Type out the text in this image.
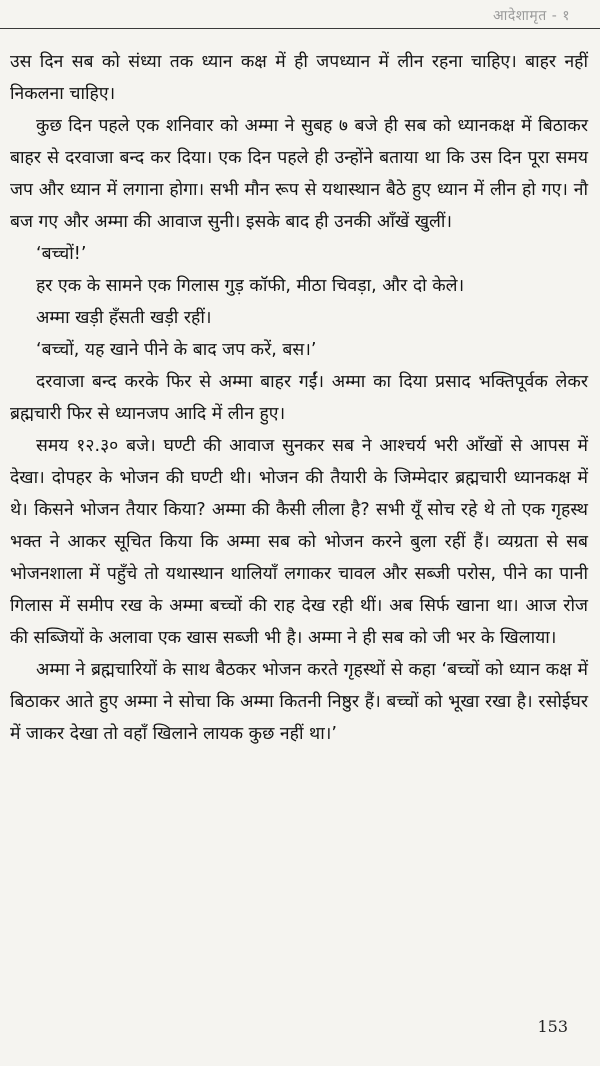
आदेशामृत - १

उस दिन सब को संध्या तक ध्यान कक्ष में ही जपध्यान में लीन रहना चाहिए। बाहर नहीं निकलना चाहिए।

कुछ दिन पहले एक शनिवार को अम्मा ने सुबह ७ बजे ही सब को ध्यानकक्ष में बिठाकर बाहर से दरवाजा बन्द कर दिया। एक दिन पहले ही उन्होंने बताया था कि उस दिन पूरा समय जप और ध्यान में लगाना होगा। सभी मौन रूप से यथास्थान बैठे हुए ध्यान में लीन हो गए। नौ बज गए और अम्मा की आवाज सुनी। इसके बाद ही उनकी आँखें खुलीं।

‘बच्चों!’

हर एक के सामने एक गिलास गुड़ कॉफी, मीठा चिवड़ा, और दो केले।

अम्मा खड़ी हँसती खड़ी रहीं।

‘बच्चों, यह खाने पीने के बाद जप करें, बस।’

दरवाजा बन्द करके फिर से अम्मा बाहर गईं। अम्मा का दिया प्रसाद भक्तिपूर्वक लेकर ब्रह्मचारी फिर से ध्यानजप आदि में लीन हुए।

समय १२.३० बजे। घण्टी की आवाज सुनकर सब ने आश्चर्य भरी आँखों से आपस में देखा। दोपहर के भोजन की घण्टी थी। भोजन की तैयारी के जिम्मेदार ब्रह्मचारी ध्यानकक्ष में थे। किसने भोजन तैयार किया? अम्मा की कैसी लीला है? सभी यूँ सोच रहे थे तो एक गृहस्थ भक्त ने आकर सूचित किया कि अम्मा सब को भोजन करने बुला रहीं हैं। व्यग्रता से सब भोजनशाला में पहुँचे तो यथास्थान थालियाँ लगाकर चावल और सब्जी परोस, पीने का पानी गिलास में समीप रख के अम्मा बच्चों की राह देख रही थीं। अब सिर्फ खाना था। आज रोज की सब्जियों के अलावा एक खास सब्जी भी है। अम्मा ने ही सब को जी भर के खिलाया।

अम्मा ने ब्रह्मचारियों के साथ बैठकर भोजन करते गृहस्थों से कहा ‘बच्चों को ध्यान कक्ष में बिठाकर आते हुए अम्मा ने सोचा कि अम्मा कितनी निष्ठुर हैं। बच्चों को भूखा रखा है। रसोईघर में जाकर देखा तो वहाँ खिलाने लायक कुछ नहीं था।’

153
